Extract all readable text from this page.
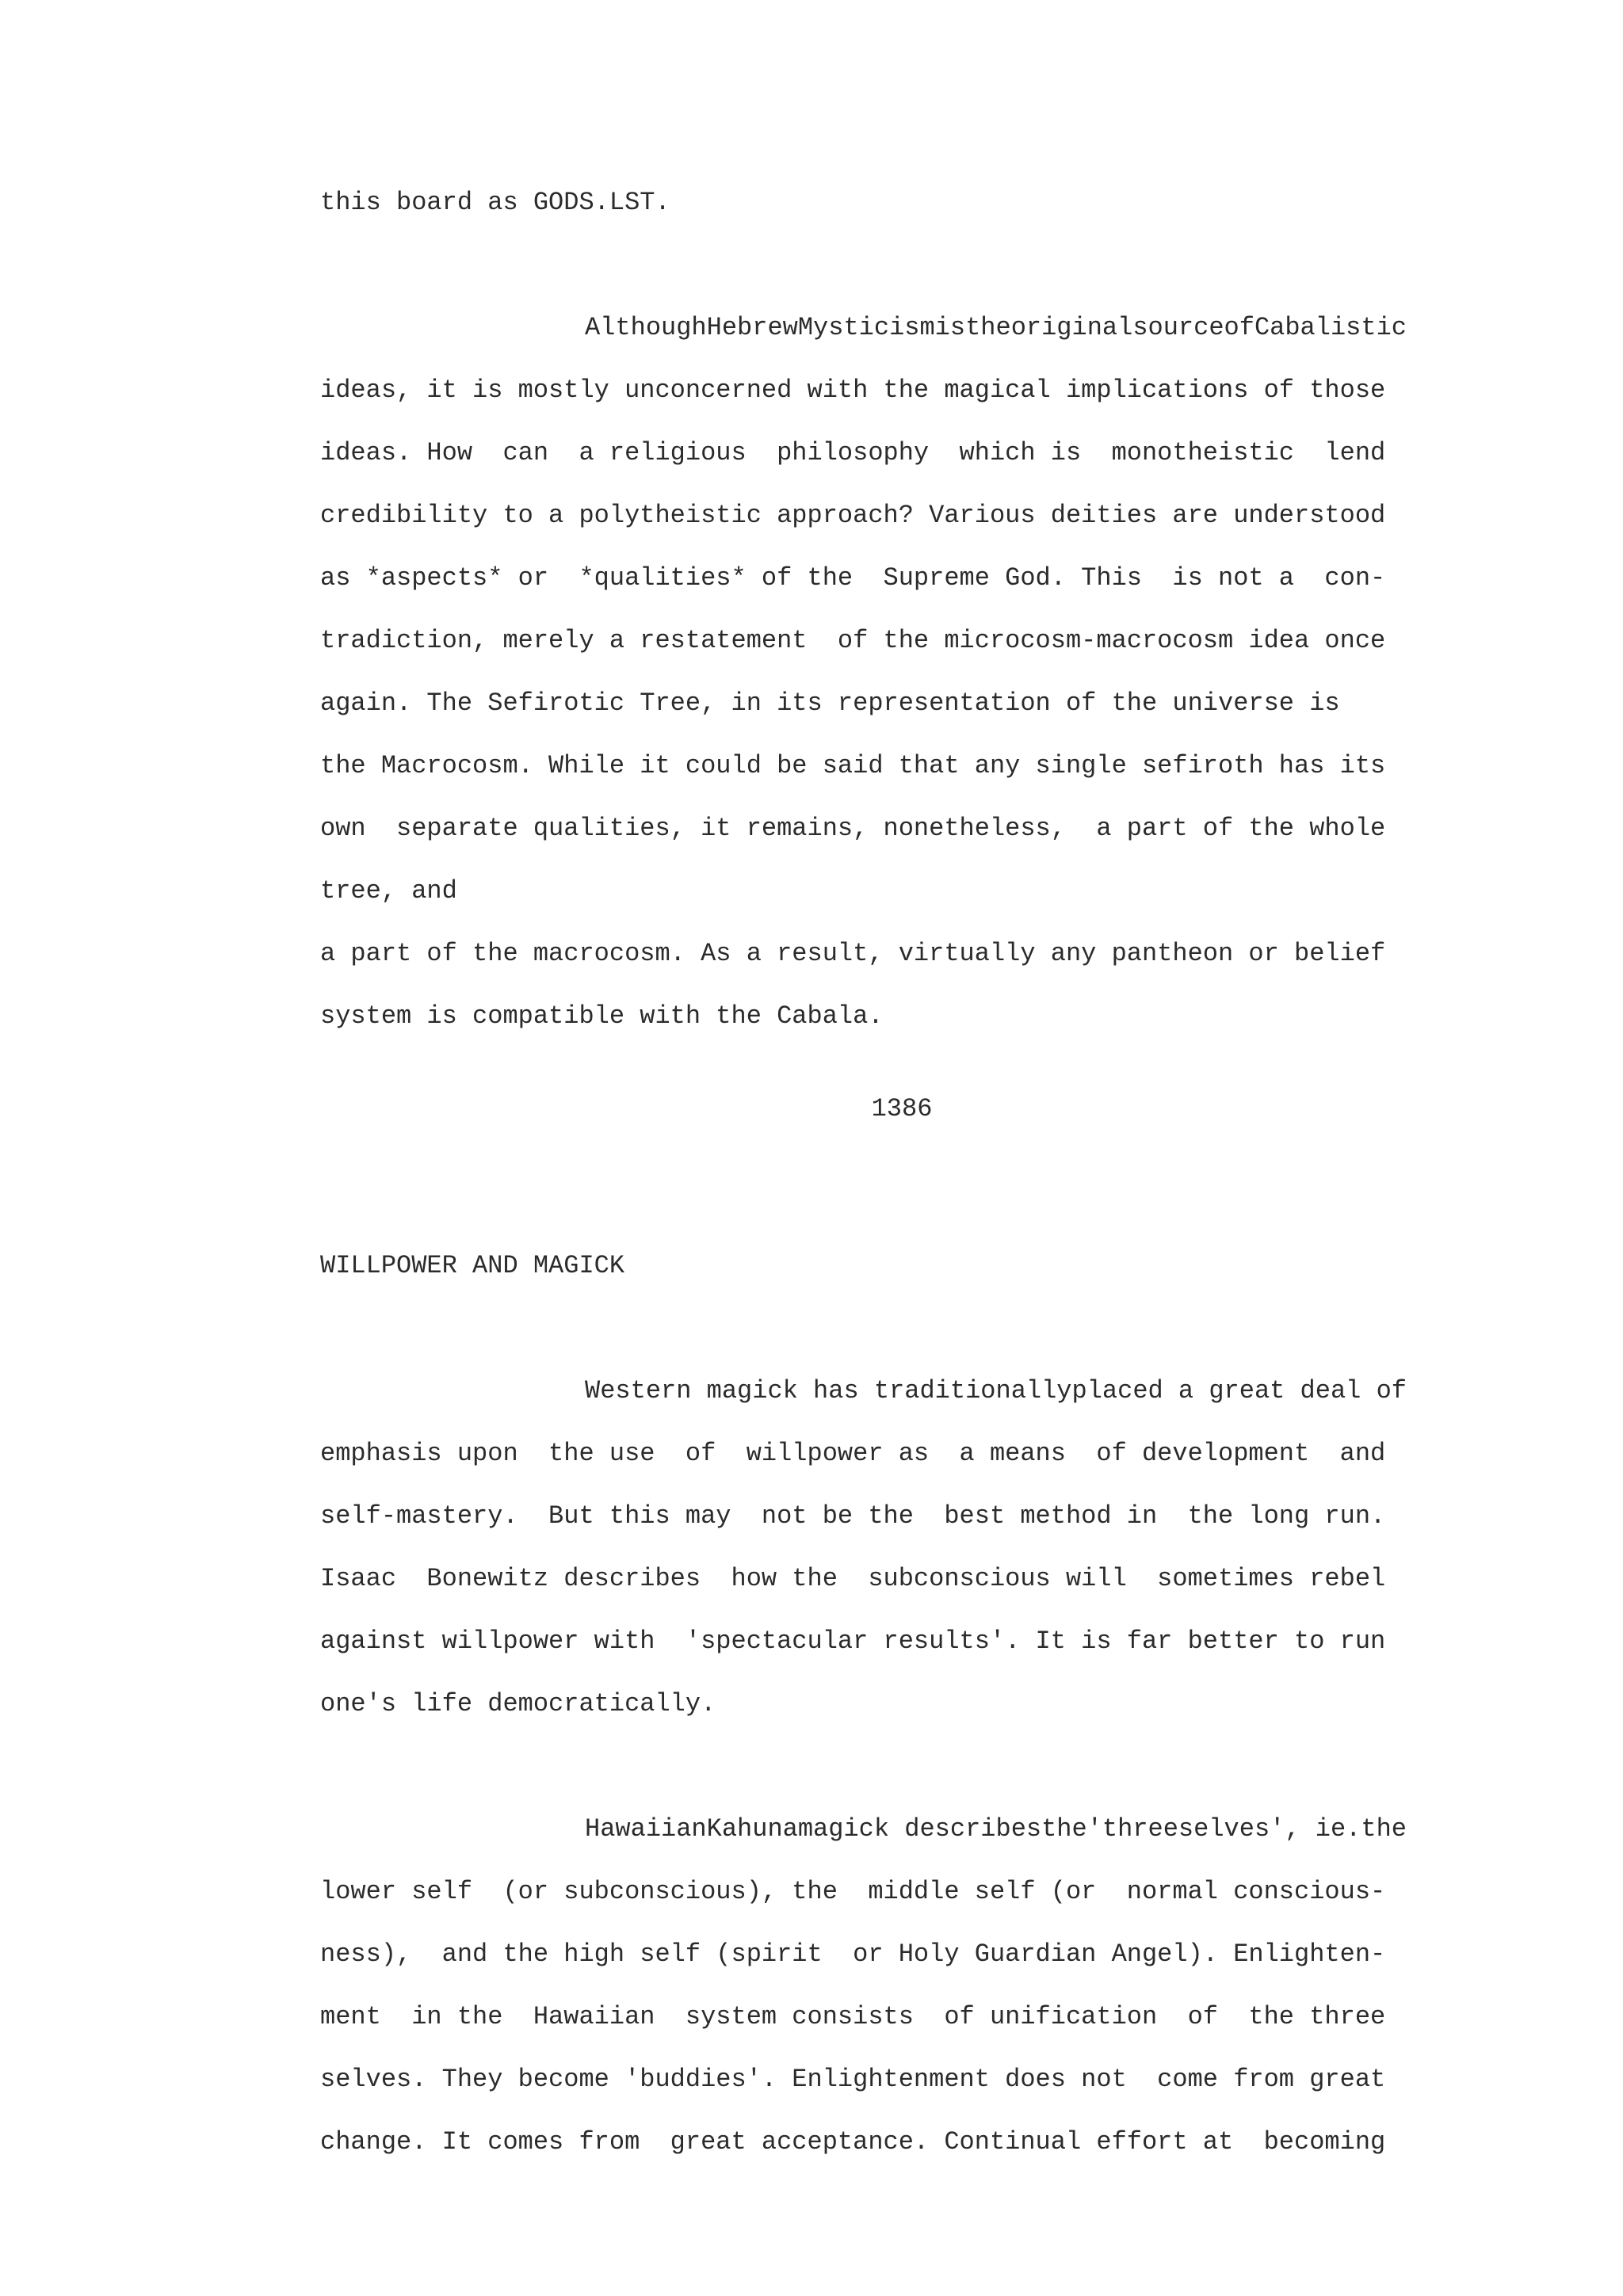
this board as GODS.LST.
AlthoughHebrewMysticismistheoriginalsourceofCabalistic
ideas, it is mostly unconcerned with the magical implications of those
ideas. How  can  a religious  philosophy  which is  monotheistic  lend
credibility to a polytheistic approach? Various deities are understood
as *aspects* or  *qualities* of the  Supreme God. This  is not a  con-
tradiction, merely a restatement  of the microcosm-macrocosm idea once
again. The Sefirotic Tree, in its representation of the universe is
the Macrocosm. While it could be said that any single sefiroth has its
own  separate qualities, it remains, nonetheless,  a part of the whole
tree, and
a part of the macrocosm. As a result, virtually any pantheon or belief
system is compatible with the Cabala.
1386
WILLPOWER AND MAGICK
Western magick has traditionallyplaced a great deal of
emphasis upon  the use  of  willpower as  a means  of development  and
self-mastery.  But this may  not be the  best method in  the long run.
Isaac  Bonewitz describes  how the  subconscious will  sometimes rebel
against willpower with  'spectacular results'. It is far better to run
one's life democratically.
HawaiianKahunamagick describesthe'threeselves', ie.the
lower self  (or subconscious), the  middle self (or  normal conscious-
ness),  and the high self (spirit  or Holy Guardian Angel). Enlighten-
ment  in the  Hawaiian  system consists  of unification  of  the three
selves. They become 'buddies'. Enlightenment does not  come from great
change. It comes from  great acceptance. Continual effort at  becoming
